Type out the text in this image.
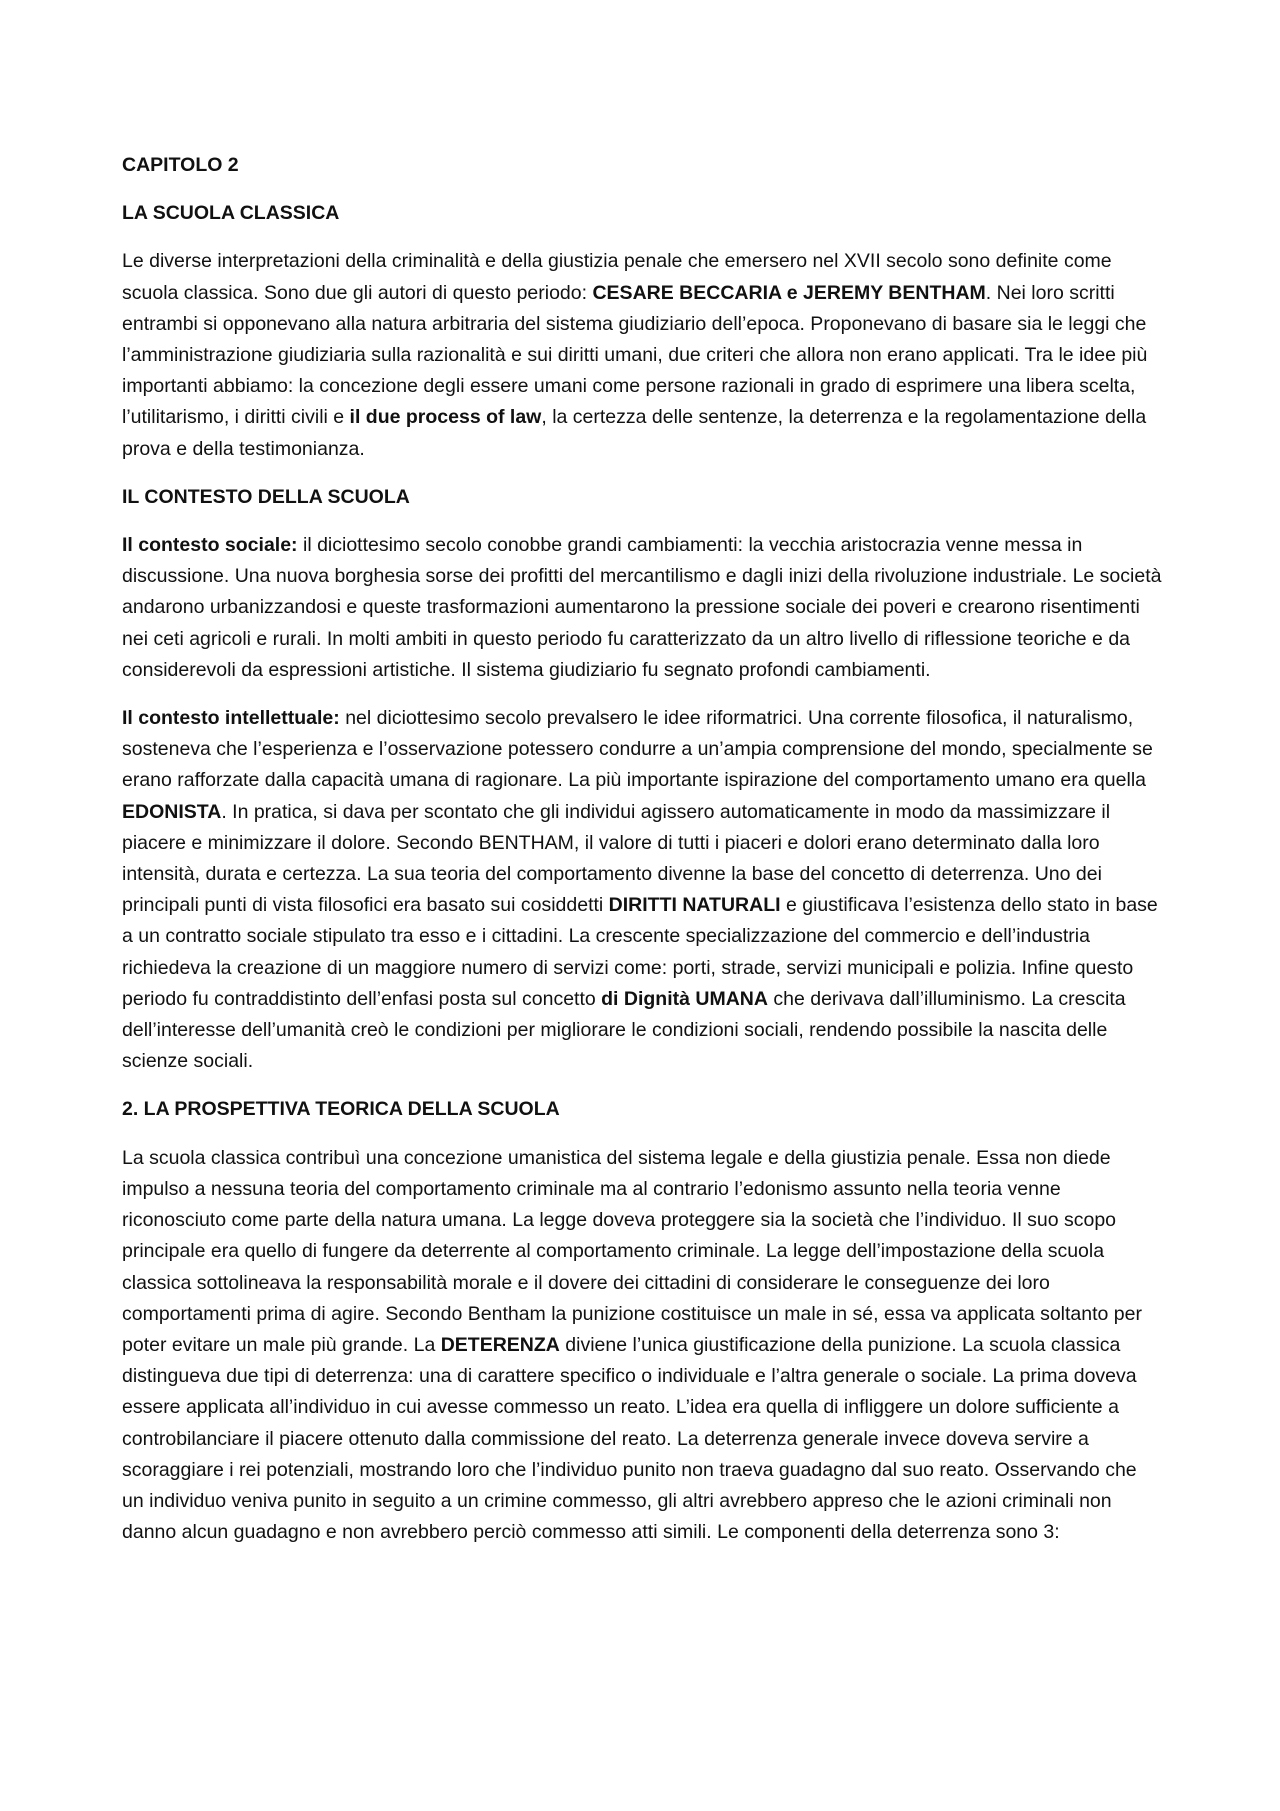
CAPITOLO 2
LA SCUOLA CLASSICA
Le diverse interpretazioni della criminalità e della giustizia penale che emersero nel XVII secolo sono definite come scuola classica. Sono due gli autori di questo periodo: CESARE BECCARIA e JEREMY BENTHAM. Nei loro scritti entrambi si opponevano alla natura arbitraria del sistema giudiziario dell’epoca. Proponevano di basare sia le leggi che l’amministrazione giudiziaria sulla razionalità e sui diritti umani, due criteri che allora non erano applicati. Tra le idee più importanti abbiamo: la concezione degli essere umani come persone razionali in grado di esprimere una libera scelta, l’utilitarismo, i diritti civili e il due process of law, la certezza delle sentenze, la deterrenza e la regolamentazione della prova e della testimonianza.
IL CONTESTO DELLA SCUOLA
Il contesto sociale: il diciottesimo secolo conobbe grandi cambiamenti: la vecchia aristocrazia venne messa in discussione. Una nuova borghesia sorse dei profitti del mercantilismo e dagli inizi della rivoluzione industriale. Le società andarono urbanizzandosi e queste trasformazioni aumentarono la pressione sociale dei poveri e crearono risentimenti nei ceti agricoli e rurali. In molti ambiti in questo periodo fu caratterizzato da un altro livello di riflessione teoriche e da considerevoli da espressioni artistiche. Il sistema giudiziario fu segnato profondi cambiamenti.
Il contesto intellettuale: nel diciottesimo secolo prevalsero le idee riformatrici. Una corrente filosofica, il naturalismo, sosteneva che l’esperienza e l’osservazione potessero condurre a un’ampia comprensione del mondo, specialmente se erano rafforzate dalla capacità umana di ragionare. La più importante ispirazione del comportamento umano era quella EDONISTA. In pratica, si dava per scontato che gli individui agissero automaticamente in modo da massimizzare il piacere e minimizzare il dolore. Secondo BENTHAM, il valore di tutti i piaceri e dolori erano determinato dalla loro intensità, durata e certezza. La sua teoria del comportamento divenne la base del concetto di deterrenza. Uno dei principali punti di vista filosofici era basato sui cosiddetti DIRITTI NATURALI e giustificava l’esistenza dello stato in base a un contratto sociale stipulato tra esso e i cittadini. La crescente specializzazione del commercio e dell’industria richiedeva la creazione di un maggiore numero di servizi come: porti, strade, servizi municipali e polizia. Infine questo periodo fu contraddistinto dell’enfasi posta sul concetto di Dignità UMANA che derivava dall’illuminismo. La crescita dell’interesse dell’umanità creò le condizioni per migliorare le condizioni sociali, rendendo possibile la nascita delle scienze sociali.
2. LA PROSPETTIVA TEORICA DELLA SCUOLA
La scuola classica contribuì una concezione umanistica del sistema legale e della giustizia penale. Essa non diede impulso a nessuna teoria del comportamento criminale ma al contrario l’edonismo assunto nella teoria venne riconosciuto come parte della natura umana. La legge doveva proteggere sia la società che l’individuo. Il suo scopo principale era quello di fungere da deterrente al comportamento criminale. La legge dell’impostazione della scuola classica sottolineava la responsabilità morale e il dovere dei cittadini di considerare le conseguenze dei loro comportamenti prima di agire. Secondo Bentham la punizione costituisce un male in sé, essa va applicata soltanto per poter evitare un male più grande. La DETERENZA diviene l’unica giustificazione della punizione. La scuola classica distingueva due tipi di deterrenza: una di carattere specifico o individuale e l’altra generale o sociale. La prima doveva essere applicata all’individuo in cui avesse commesso un reato. L’idea era quella di infliggere un dolore sufficiente a controbilanciare il piacere ottenuto dalla commissione del reato. La deterrenza generale invece doveva servire a scoraggiare i rei potenziali, mostrando loro che l’individuo punito non traeva guadagno dal suo reato. Osservando che un individuo veniva punito in seguito a un crimine commesso, gli altri avrebbero appreso che le azioni criminali non danno alcun guadagno e non avrebbero perciò commesso atti simili. Le componenti della deterrenza sono 3:
